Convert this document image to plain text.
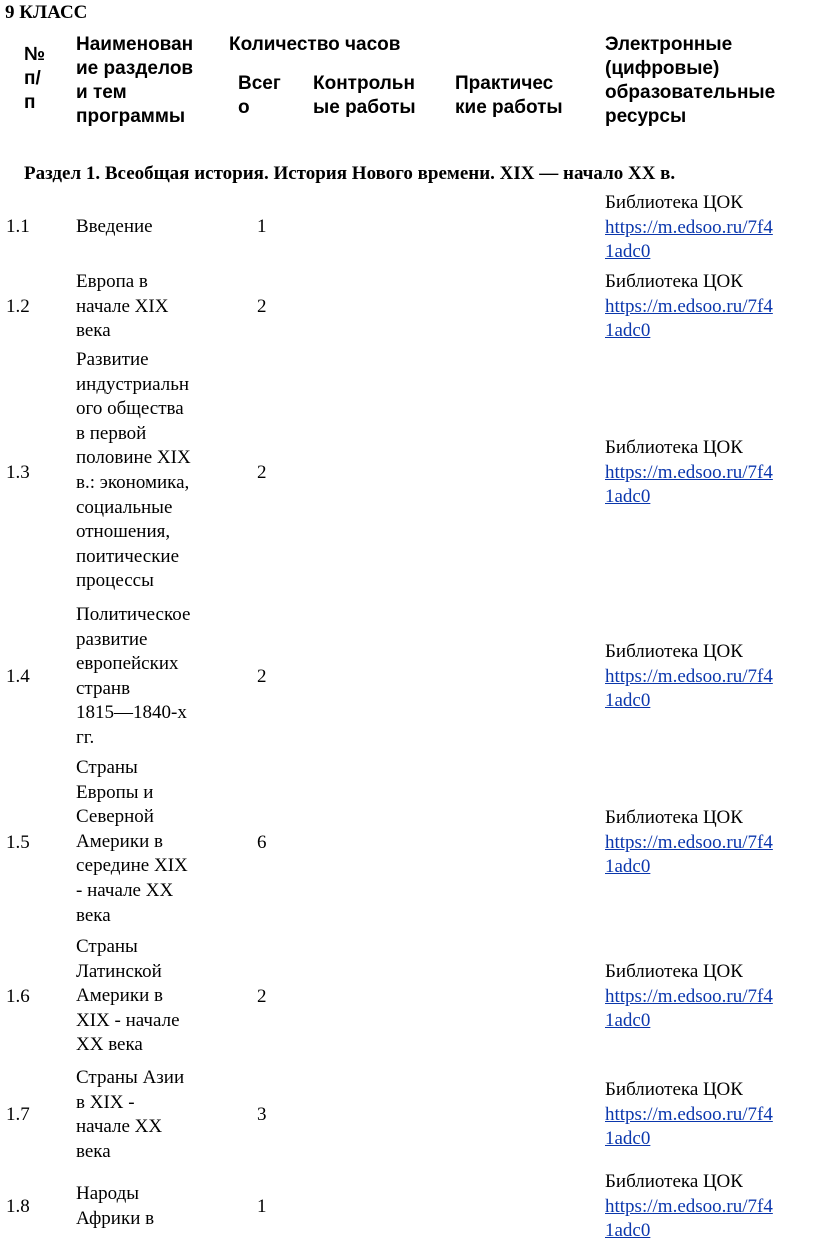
9 КЛАСС
№
п/
п
Наименован
ие разделов
и тем
программы
Количество часов
Всег
о
Контрольн
ые работы
Практичес
кие работы
Электронные
(цифровые)
образовательные
ресурсы
Раздел 1. Всеобщая история. История Нового времени. XIX — начало XX в.
1.1 Введение	1
Библиотека ЦОК
https://m.edsoo.ru/7f4
1adc0
1.2
Европа в
начале XIX
века
2
Библиотека ЦОК
https://m.edsoo.ru/7f4
1adc0
1.3
Развитие
индустриальн
ого общества
в первой
половине XIX
в.: экономика,
социальные
отношения,
поитические
процессы
2
Библиотека ЦОК
https://m.edsoo.ru/7f4
1adc0
1.4
Политическое
развитие
европейских
странв
1815—1840-х
гг.
2
Библиотека ЦОК
https://m.edsoo.ru/7f4
1adc0
1.5
Страны
Европы и
Северной
Америки в
середине XIX
- начале XX
века
6
Библиотека ЦОК
https://m.edsoo.ru/7f4
1adc0
1.6
Страны
Латинской
Америки в
XIX - начале
XX века
2
Библиотека ЦОК
https://m.edsoo.ru/7f4
1adc0
1.7
Страны Азии
в XIX -
начале XX
века
3
Библиотека ЦОК
https://m.edsoo.ru/7f4
1adc0
1.8
Народы
Африки в
1
Библиотека ЦОК
https://m.edsoo.ru/7f4
1adc0
